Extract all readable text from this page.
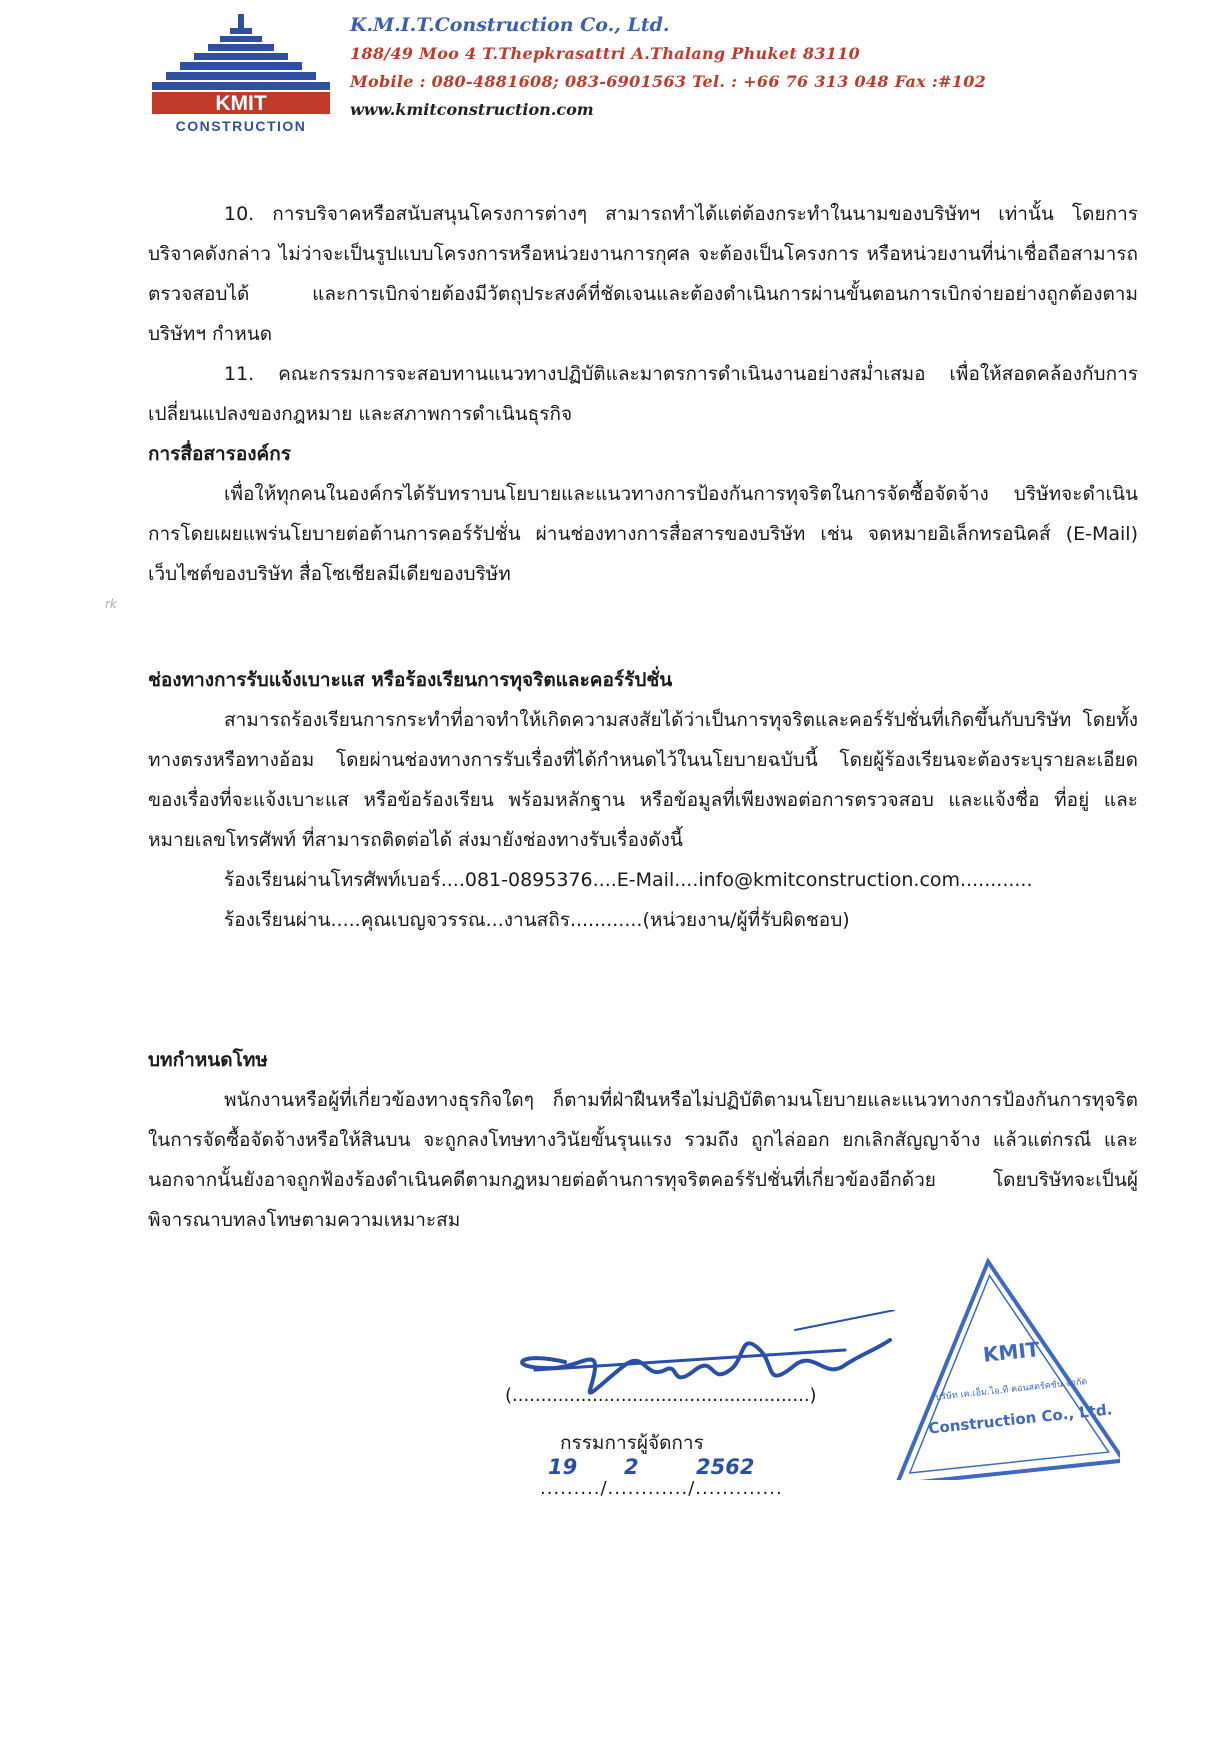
KMIT
CONSTRUCTION
K.M.I.T.Construction Co., Ltd.
188/49 Moo 4 T.Thepkrasattri A.Thalang Phuket 83110
Mobile : 080-4881608; 083-6901563 Tel. : +66 76 313 048 Fax :#102
www.kmitconstruction.com

10. การบริจาคหรือสนับสนุนโครงการต่างๆ สามารถทำได้แต่ต้องกระทำในนามของบริษัทฯ เท่านั้น โดยการบริจาคดังกล่าว ไม่ว่าจะเป็นรูปแบบโครงการหรือหน่วยงานการกุศล จะต้องเป็นโครงการ หรือหน่วยงานที่น่าเชื่อถือสามารถตรวจสอบได้ และการเบิกจ่ายต้องมีวัตถุประสงค์ที่ชัดเจนและต้องดำเนินการผ่านขั้นตอนการเบิกจ่ายอย่างถูกต้องตามบริษัทฯ กำหนด

11. คณะกรรมการจะสอบทานแนวทางปฏิบัติและมาตรการดำเนินงานอย่างสม่ำเสมอ เพื่อให้สอดคล้องกับการเปลี่ยนแปลงของกฎหมาย และสภาพการดำเนินธุรกิจ

การสื่อสารองค์กร

เพื่อให้ทุกคนในองค์กรได้รับทราบนโยบายและแนวทางการป้องกันการทุจริตในการจัดซื้อจัดจ้าง บริษัทจะดำเนินการโดยเผยแพร่นโยบายต่อต้านการคอร์รัปชั่น ผ่านช่องทางการสื่อสารของบริษัท เช่น จดหมายอิเล็กทรอนิคส์ (E-Mail) เว็บไซต์ของบริษัท สื่อโซเชียลมีเดียของบริษัท

rk

ช่องทางการรับแจ้งเบาะแส หรือร้องเรียนการทุจริตและคอร์รัปชั่น

สามารถร้องเรียนการกระทำที่อาจทำให้เกิดความสงสัยได้ว่าเป็นการทุจริตและคอร์รัปชั่นที่เกิดขึ้นกับบริษัท โดยทั้งทางตรงหรือทางอ้อม โดยผ่านช่องทางการรับเรื่องที่ได้กำหนดไว้ในนโยบายฉบับนี้ โดยผู้ร้องเรียนจะต้องระบุรายละเอียดของเรื่องที่จะแจ้งเบาะแส หรือข้อร้องเรียน พร้อมหลักฐาน หรือข้อมูลที่เพียงพอต่อการตรวจสอบ และแจ้งชื่อ ที่อยู่ และหมายเลขโทรศัพท์ ที่สามารถติดต่อได้ ส่งมายังช่องทางรับเรื่องดังนี้

ร้องเรียนผ่านโทรศัพท์เบอร์....081-0895376....E-Mail....info@kmitconstruction.com............

ร้องเรียนผ่าน.....คุณเบญจวรรณ...งานสถิร............(หน่วยงาน/ผู้ที่รับผิดชอบ)

บทกำหนดโทษ

พนักงานหรือผู้ที่เกี่ยวข้องทางธุรกิจใดๆ ก็ตามที่ฝ่าฝืนหรือไม่ปฏิบัติตามนโยบายและแนวทางการป้องกันการทุจริตในการจัดซื้อจัดจ้างหรือให้สินบน จะถูกลงโทษทางวินัยขั้นรุนแรง รวมถึง ถูกไล่ออก ยกเลิกสัญญาจ้าง แล้วแต่กรณี และนอกจากนั้นยังอาจถูกฟ้องร้องดำเนินคดีตามกฎหมายต่อต้านการทุจริตคอร์รัปชั่นที่เกี่ยวข้องอีกด้วย โดยบริษัทจะเป็นผู้พิจารณาบทลงโทษตามความเหมาะสม

(....................................................)
กรรมการผู้จัดการ
19 2	2562
........./............/.............
KMIT
บริษัท เค.เอ็ม.ไอ.ที คอนสตรัคชั่น จำกัด
Construction Co., Ltd.
